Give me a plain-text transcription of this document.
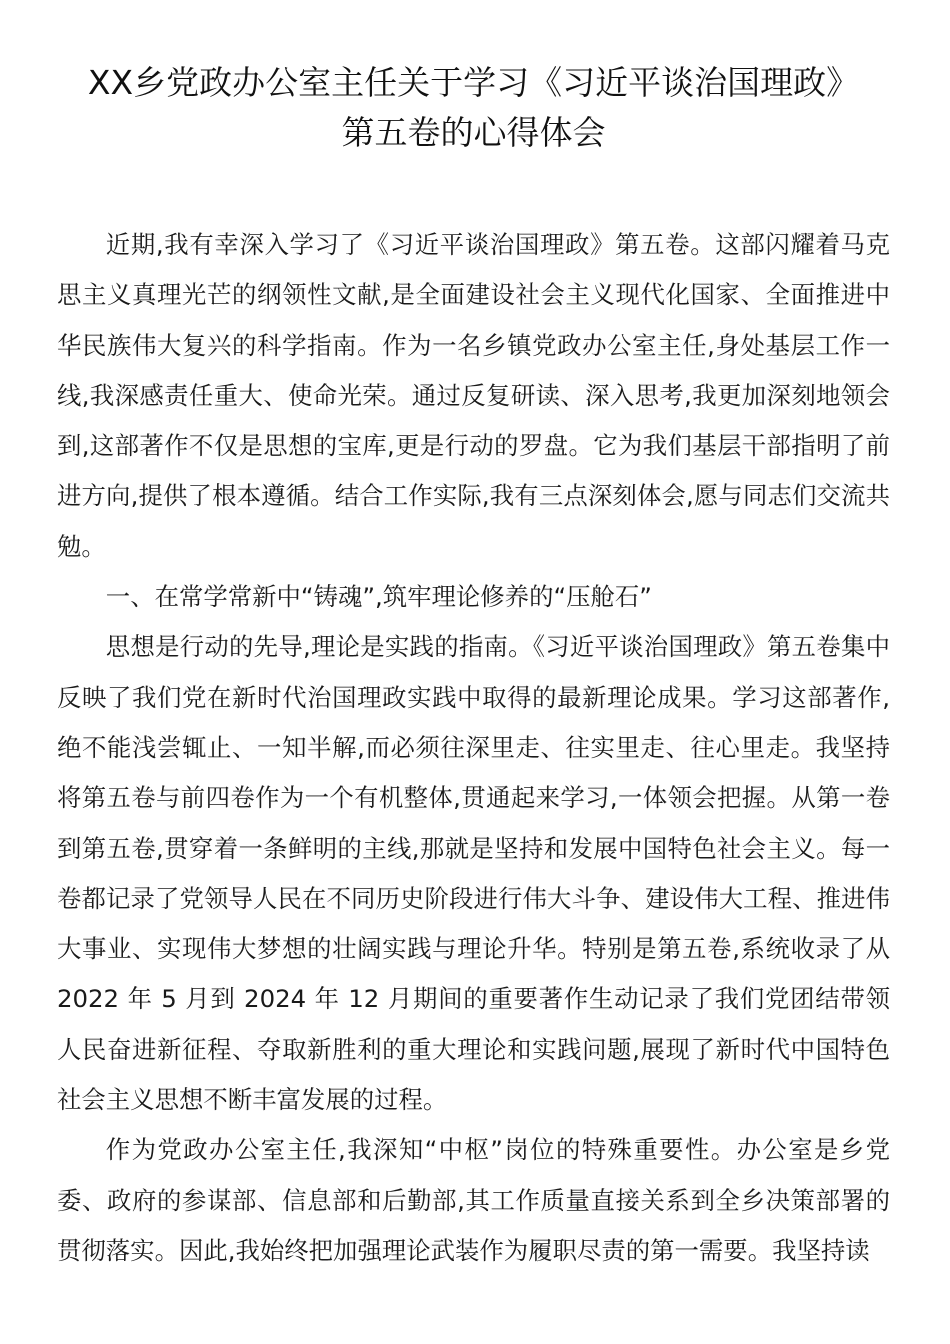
XX乡党政办公室主任关于学习《习近平谈治国理政》
第五卷的心得体会

近期,我有幸深入学习了《习近平谈治国理政》第五卷。这部闪耀着马克思主义真理光芒的纲领性文献,是全面建设社会主义现代化国家、全面推进中华民族伟大复兴的科学指南。作为一名乡镇党政办公室主任,身处基层工作一线,我深感责任重大、使命光荣。通过反复研读、深入思考,我更加深刻地领会到,这部著作不仅是思想的宝库,更是行动的罗盘。它为我们基层干部指明了前进方向,提供了根本遵循。结合工作实际,我有三点深刻体会,愿与同志们交流共勉。

一、在常学常新中“铸魂”,筑牢理论修养的“压舱石”

思想是行动的先导,理论是实践的指南。《习近平谈治国理政》第五卷集中反映了我们党在新时代治国理政实践中取得的最新理论成果。学习这部著作,绝不能浅尝辄止、一知半解,而必须往深里走、往实里走、往心里走。我坚持将第五卷与前四卷作为一个有机整体,贯通起来学习,一体领会把握。从第一卷到第五卷,贯穿着一条鲜明的主线,那就是坚持和发展中国特色社会主义。每一卷都记录了党领导人民在不同历史阶段进行伟大斗争、建设伟大工程、推进伟大事业、实现伟大梦想的壮阔实践与理论升华。特别是第五卷,系统收录了从 2022 年 5 月到 2024 年 12 月期间的重要著作生动记录了我们党团结带领人民奋进新征程、夺取新胜利的重大理论和实践问题,展现了新时代中国特色社会主义思想不断丰富发展的过程。

作为党政办公室主任,我深知“中枢”岗位的特殊重要性。办公室是乡党委、政府的参谋部、信息部和后勤部,其工作质量直接关系到全乡决策部署的贯彻落实。因此,我始终把加强理论武装作为履职尽责的第一需要。我坚持读
